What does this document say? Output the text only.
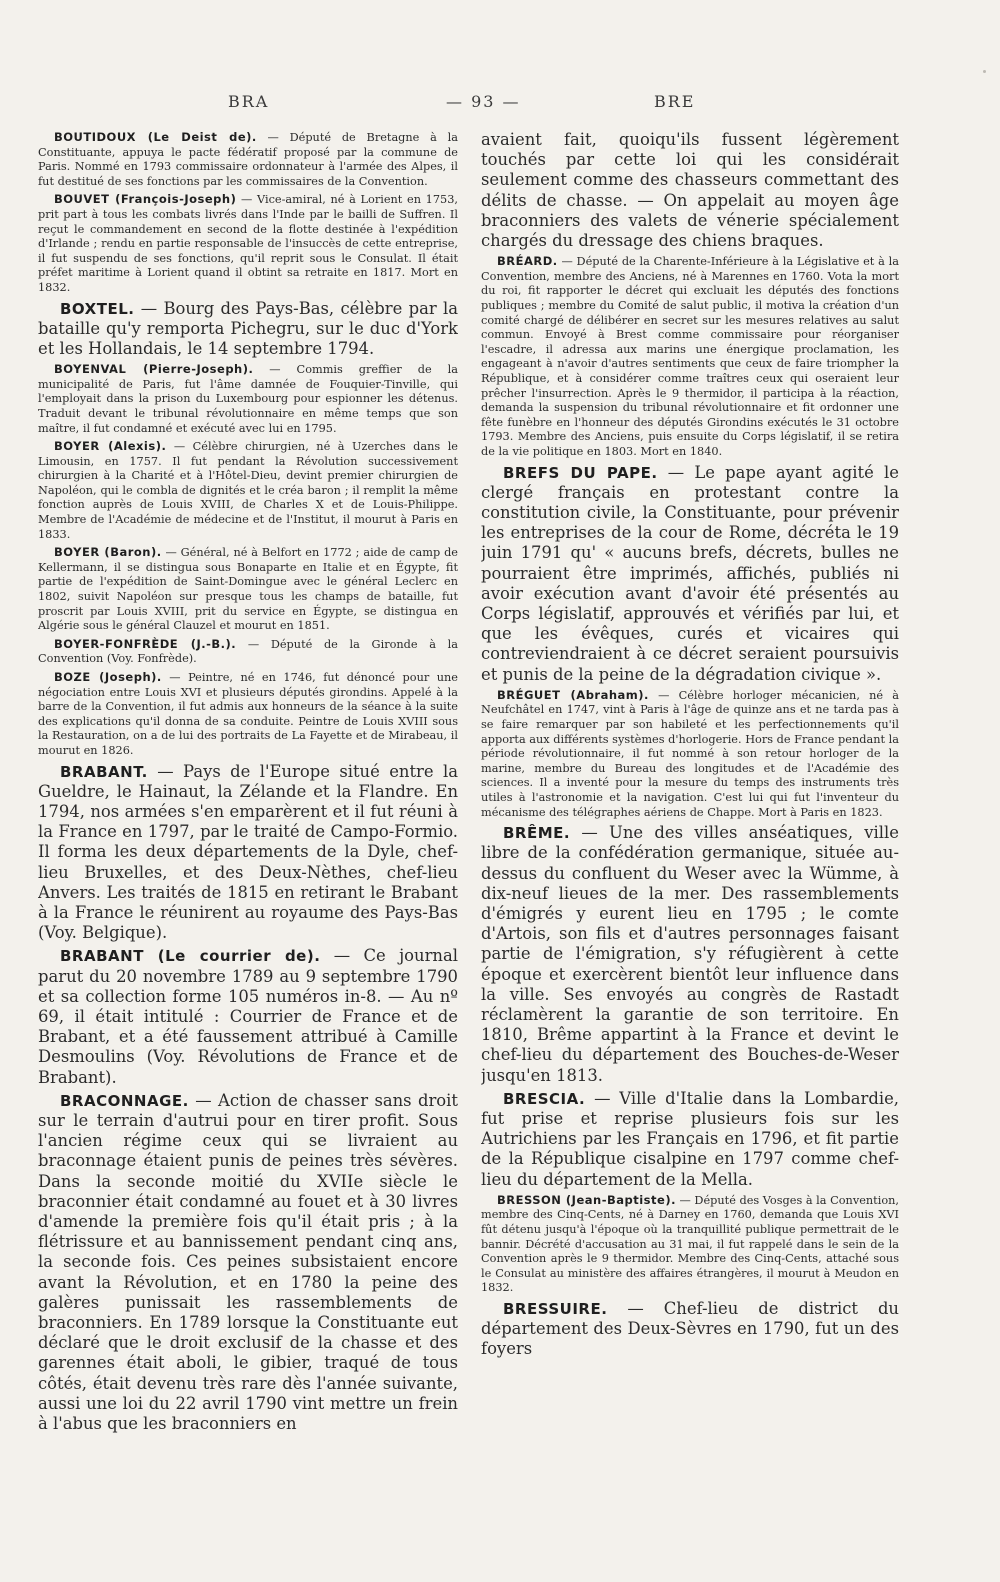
BRA	— 93 —	BRE

BOUTIDOUX (Le Deist de). — Député de Bretagne à la Constituante, appuya le pacte fédératif proposé par la commune de Paris. Nommé en 1793 commissaire ordonnateur à l'armée des Alpes, il fut destitué de ses fonctions par les commissaires de la Convention.

BOUVET (François-Joseph) — Vice-amiral, né à Lorient en 1753, prit part à tous les combats livrés dans l'Inde par le bailli de Suffren. Il reçut le commandement en second de la flotte destinée à l'expédition d'Irlande ; rendu en partie responsable de l'insuccès de cette entreprise, il fut suspendu de ses fonctions, qu'il reprit sous le Consulat. Il était préfet maritime à Lorient quand il obtint sa retraite en 1817. Mort en 1832.

BOXTEL. — Bourg des Pays-Bas, célèbre par la bataille qu'y remporta Pichegru, sur le duc d'York et les Hollandais, le 14 septembre 1794.

BOYENVAL (Pierre-Joseph). — Commis greffier de la municipalité de Paris, fut l'âme damnée de Fouquier-Tinville, qui l'employait dans la prison du Luxembourg pour espionner les détenus. Traduit devant le tribunal révolutionnaire en même temps que son maître, il fut condamné et exécuté avec lui en 1795.

BOYER (Alexis). — Célèbre chirurgien, né à Uzerches dans le Limousin, en 1757. Il fut pendant la Révolution successivement chirurgien à la Charité et à l'Hôtel-Dieu, devint premier chirurgien de Napoléon, qui le combla de dignités et le créa baron ; il remplit la même fonction auprès de Louis XVIII, de Charles X et de Louis-Philippe. Membre de l'Académie de médecine et de l'Institut, il mourut à Paris en 1833.

BOYER (Baron). — Général, né à Belfort en 1772 ; aide de camp de Kellermann, il se distingua sous Bonaparte en Italie et en Égypte, fit partie de l'expédition de Saint-Domingue avec le général Leclerc en 1802, suivit Napoléon sur presque tous les champs de bataille, fut proscrit par Louis XVIII, prit du service en Égypte, se distingua en Algérie sous le général Clauzel et mourut en 1851.

BOYER-FONFRÈDE (J.-B.). — Député de la Gironde à la Convention (Voy. Fonfrède).

BOZE (Joseph). — Peintre, né en 1746, fut dénoncé pour une négociation entre Louis XVI et plusieurs députés girondins. Appelé à la barre de la Convention, il fut admis aux honneurs de la séance à la suite des explications qu'il donna de sa conduite. Peintre de Louis XVIII sous la Restauration, on a de lui des portraits de La Fayette et de Mirabeau, il mourut en 1826.

BRABANT. — Pays de l'Europe situé entre la Gueldre, le Hainaut, la Zélande et la Flandre. En 1794, nos armées s'en emparèrent et il fut réuni à la France en 1797, par le traité de Campo-Formio. Il forma les deux départements de la Dyle, chef-lieu Bruxelles, et des Deux-Nèthes, chef-lieu Anvers. Les traités de 1815 en retirant le Brabant à la France le réunirent au royaume des Pays-Bas (Voy. Belgique).

BRABANT (Le courrier de). — Ce journal parut du 20 novembre 1789 au 9 septembre 1790 et sa collection forme 105 numéros in-8. — Au nº 69, il était intitulé : Courrier de France et de Brabant, et a été faussement attribué à Camille Desmoulins (Voy. Révolutions de France et de Brabant).

BRACONNAGE. — Action de chasser sans droit sur le terrain d'autrui pour en tirer profit. Sous l'ancien régime ceux qui se livraient au braconnage étaient punis de peines très sévères. Dans la seconde moitié du XVIIe siècle le braconnier était condamné au fouet et à 30 livres d'amende la première fois qu'il était pris ; à la flétrissure et au bannissement pendant cinq ans, la seconde fois. Ces peines subsistaient encore avant la Révolution, et en 1780 la peine des galères punissait les rassemblements de braconniers. En 1789 lorsque la Constituante eut déclaré que le droit exclusif de la chasse et des garennes était aboli, le gibier, traqué de tous côtés, était devenu très rare dès l'année suivante, aussi une loi du 22 avril 1790 vint mettre un frein à l'abus que les braconniers en

avaient fait, quoiqu'ils fussent légèrement touchés par cette loi qui les considérait seulement comme des chasseurs commettant des délits de chasse. — On appelait au moyen âge braconniers des valets de vénerie spécialement chargés du dressage des chiens braques.

BRÉARD. — Député de la Charente-Inférieure à la Législative et à la Convention, membre des Anciens, né à Marennes en 1760. Vota la mort du roi, fit rapporter le décret qui excluait les députés des fonctions publiques ; membre du Comité de salut public, il motiva la création d'un comité chargé de délibérer en secret sur les mesures relatives au salut commun. Envoyé à Brest comme commissaire pour réorganiser l'escadre, il adressa aux marins une énergique proclamation, les engageant à n'avoir d'autres sentiments que ceux de faire triompher la République, et à considérer comme traîtres ceux qui oseraient leur prêcher l'insurrection. Après le 9 thermidor, il participa à la réaction, demanda la suspension du tribunal révolutionnaire et fit ordonner une fête funèbre en l'honneur des députés Girondins exécutés le 31 octobre 1793. Membre des Anciens, puis ensuite du Corps législatif, il se retira de la vie politique en 1803. Mort en 1840.

BREFS DU PAPE. — Le pape ayant agité le clergé français en protestant contre la constitution civile, la Constituante, pour prévenir les entreprises de la cour de Rome, décréta le 19 juin 1791 qu' « aucuns brefs, décrets, bulles ne pourraient être imprimés, affichés, publiés ni avoir exécution avant d'avoir été présentés au Corps législatif, approuvés et vérifiés par lui, et que les évêques, curés et vicaires qui contreviendraient à ce décret seraient poursuivis et punis de la peine de la dégradation civique ».

BRÉGUET (Abraham). — Célèbre horloger mécanicien, né à Neufchâtel en 1747, vint à Paris à l'âge de quinze ans et ne tarda pas à se faire remarquer par son habileté et les perfectionnements qu'il apporta aux différents systèmes d'horlogerie. Hors de France pendant la période révolutionnaire, il fut nommé à son retour horloger de la marine, membre du Bureau des longitudes et de l'Académie des sciences. Il a inventé pour la mesure du temps des instruments très utiles à l'astronomie et la navigation. C'est lui qui fut l'inventeur du mécanisme des télégraphes aériens de Chappe. Mort à Paris en 1823.

BRÊME. — Une des villes anséatiques, ville libre de la confédération germanique, située au-dessus du confluent du Weser avec la Wümme, à dix-neuf lieues de la mer. Des rassemblements d'émigrés y eurent lieu en 1795 ; le comte d'Artois, son fils et d'autres personnages faisant partie de l'émigration, s'y réfugièrent à cette époque et exercèrent bientôt leur influence dans la ville. Ses envoyés au congrès de Rastadt réclamèrent la garantie de son territoire. En 1810, Brême appartint à la France et devint le chef-lieu du département des Bouches-de-Weser jusqu'en 1813.

BRESCIA. — Ville d'Italie dans la Lombardie, fut prise et reprise plusieurs fois sur les Autrichiens par les Français en 1796, et fit partie de la République cisalpine en 1797 comme chef-lieu du département de la Mella.

BRESSON (Jean-Baptiste). — Député des Vosges à la Convention, membre des Cinq-Cents, né à Darney en 1760, demanda que Louis XVI fût détenu jusqu'à l'époque où la tranquillité publique permettrait de le bannir. Décrété d'accusation au 31 mai, il fut rappelé dans le sein de la Convention après le 9 thermidor. Membre des Cinq-Cents, attaché sous le Consulat au ministère des affaires étrangères, il mourut à Meudon en 1832.

BRESSUIRE. — Chef-lieu de district du département des Deux-Sèvres en 1790, fut un des foyers
